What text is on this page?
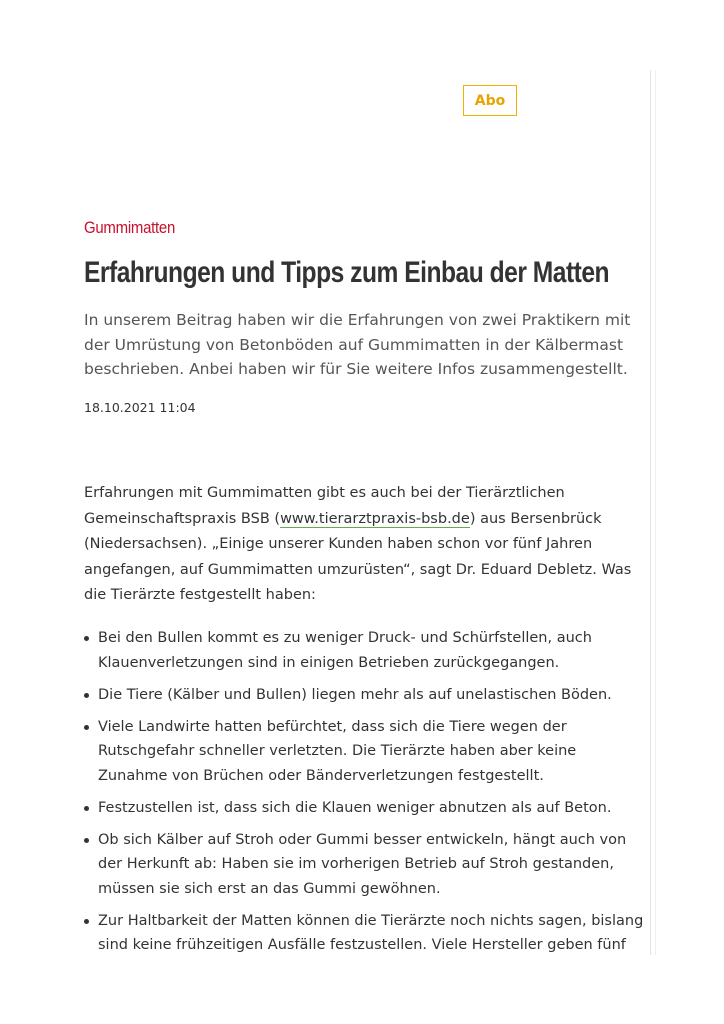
Abo
Gummimatten
Erfahrungen und Tipps zum Einbau der Matten

In unserem Beitrag haben wir die Erfahrungen von zwei Praktikern mit der Umrüstung von Betonböden auf Gummimatten in der Kälbermast beschrieben. Anbei haben wir für Sie weitere Infos zusammengestellt.

18.10.2021 11:04

Erfahrungen mit Gummimatten gibt es auch bei der Tierärztlichen Gemeinschaftspraxis BSB (www.tierarztpraxis-bsb.de) aus Bersenbrück (Niedersachsen). „Einige unserer Kunden haben schon vor fünf Jahren angefangen, auf Gummimatten umzurüsten“, sagt Dr. Eduard Debletz. Was die Tierärzte festgestellt haben:

Bei den Bullen kommt es zu weniger Druck- und Schürfstellen, auch Klauenverletzungen sind in einigen Betrieben zurückgegangen.
Die Tiere (Kälber und Bullen) liegen mehr als auf unelastischen Böden.
Viele Landwirte hatten befürchtet, dass sich die Tiere wegen der Rutschgefahr schneller verletzten. Die Tierärzte haben aber keine Zunahme von Brüchen oder Bänderverletzungen festgestellt.
Festzustellen ist, dass sich die Klauen weniger abnutzen als auf Beton.
Ob sich Kälber auf Stroh oder Gummi besser entwickeln, hängt auch von der Herkunft ab: Haben sie im vorherigen Betrieb auf Stroh gestanden, müssen sie sich erst an das Gummi gewöhnen.
Zur Haltbarkeit der Matten können die Tierärzte noch nichts sagen, bislang sind keine frühzeitigen Ausfälle festzustellen. Viele Hersteller geben fünf
